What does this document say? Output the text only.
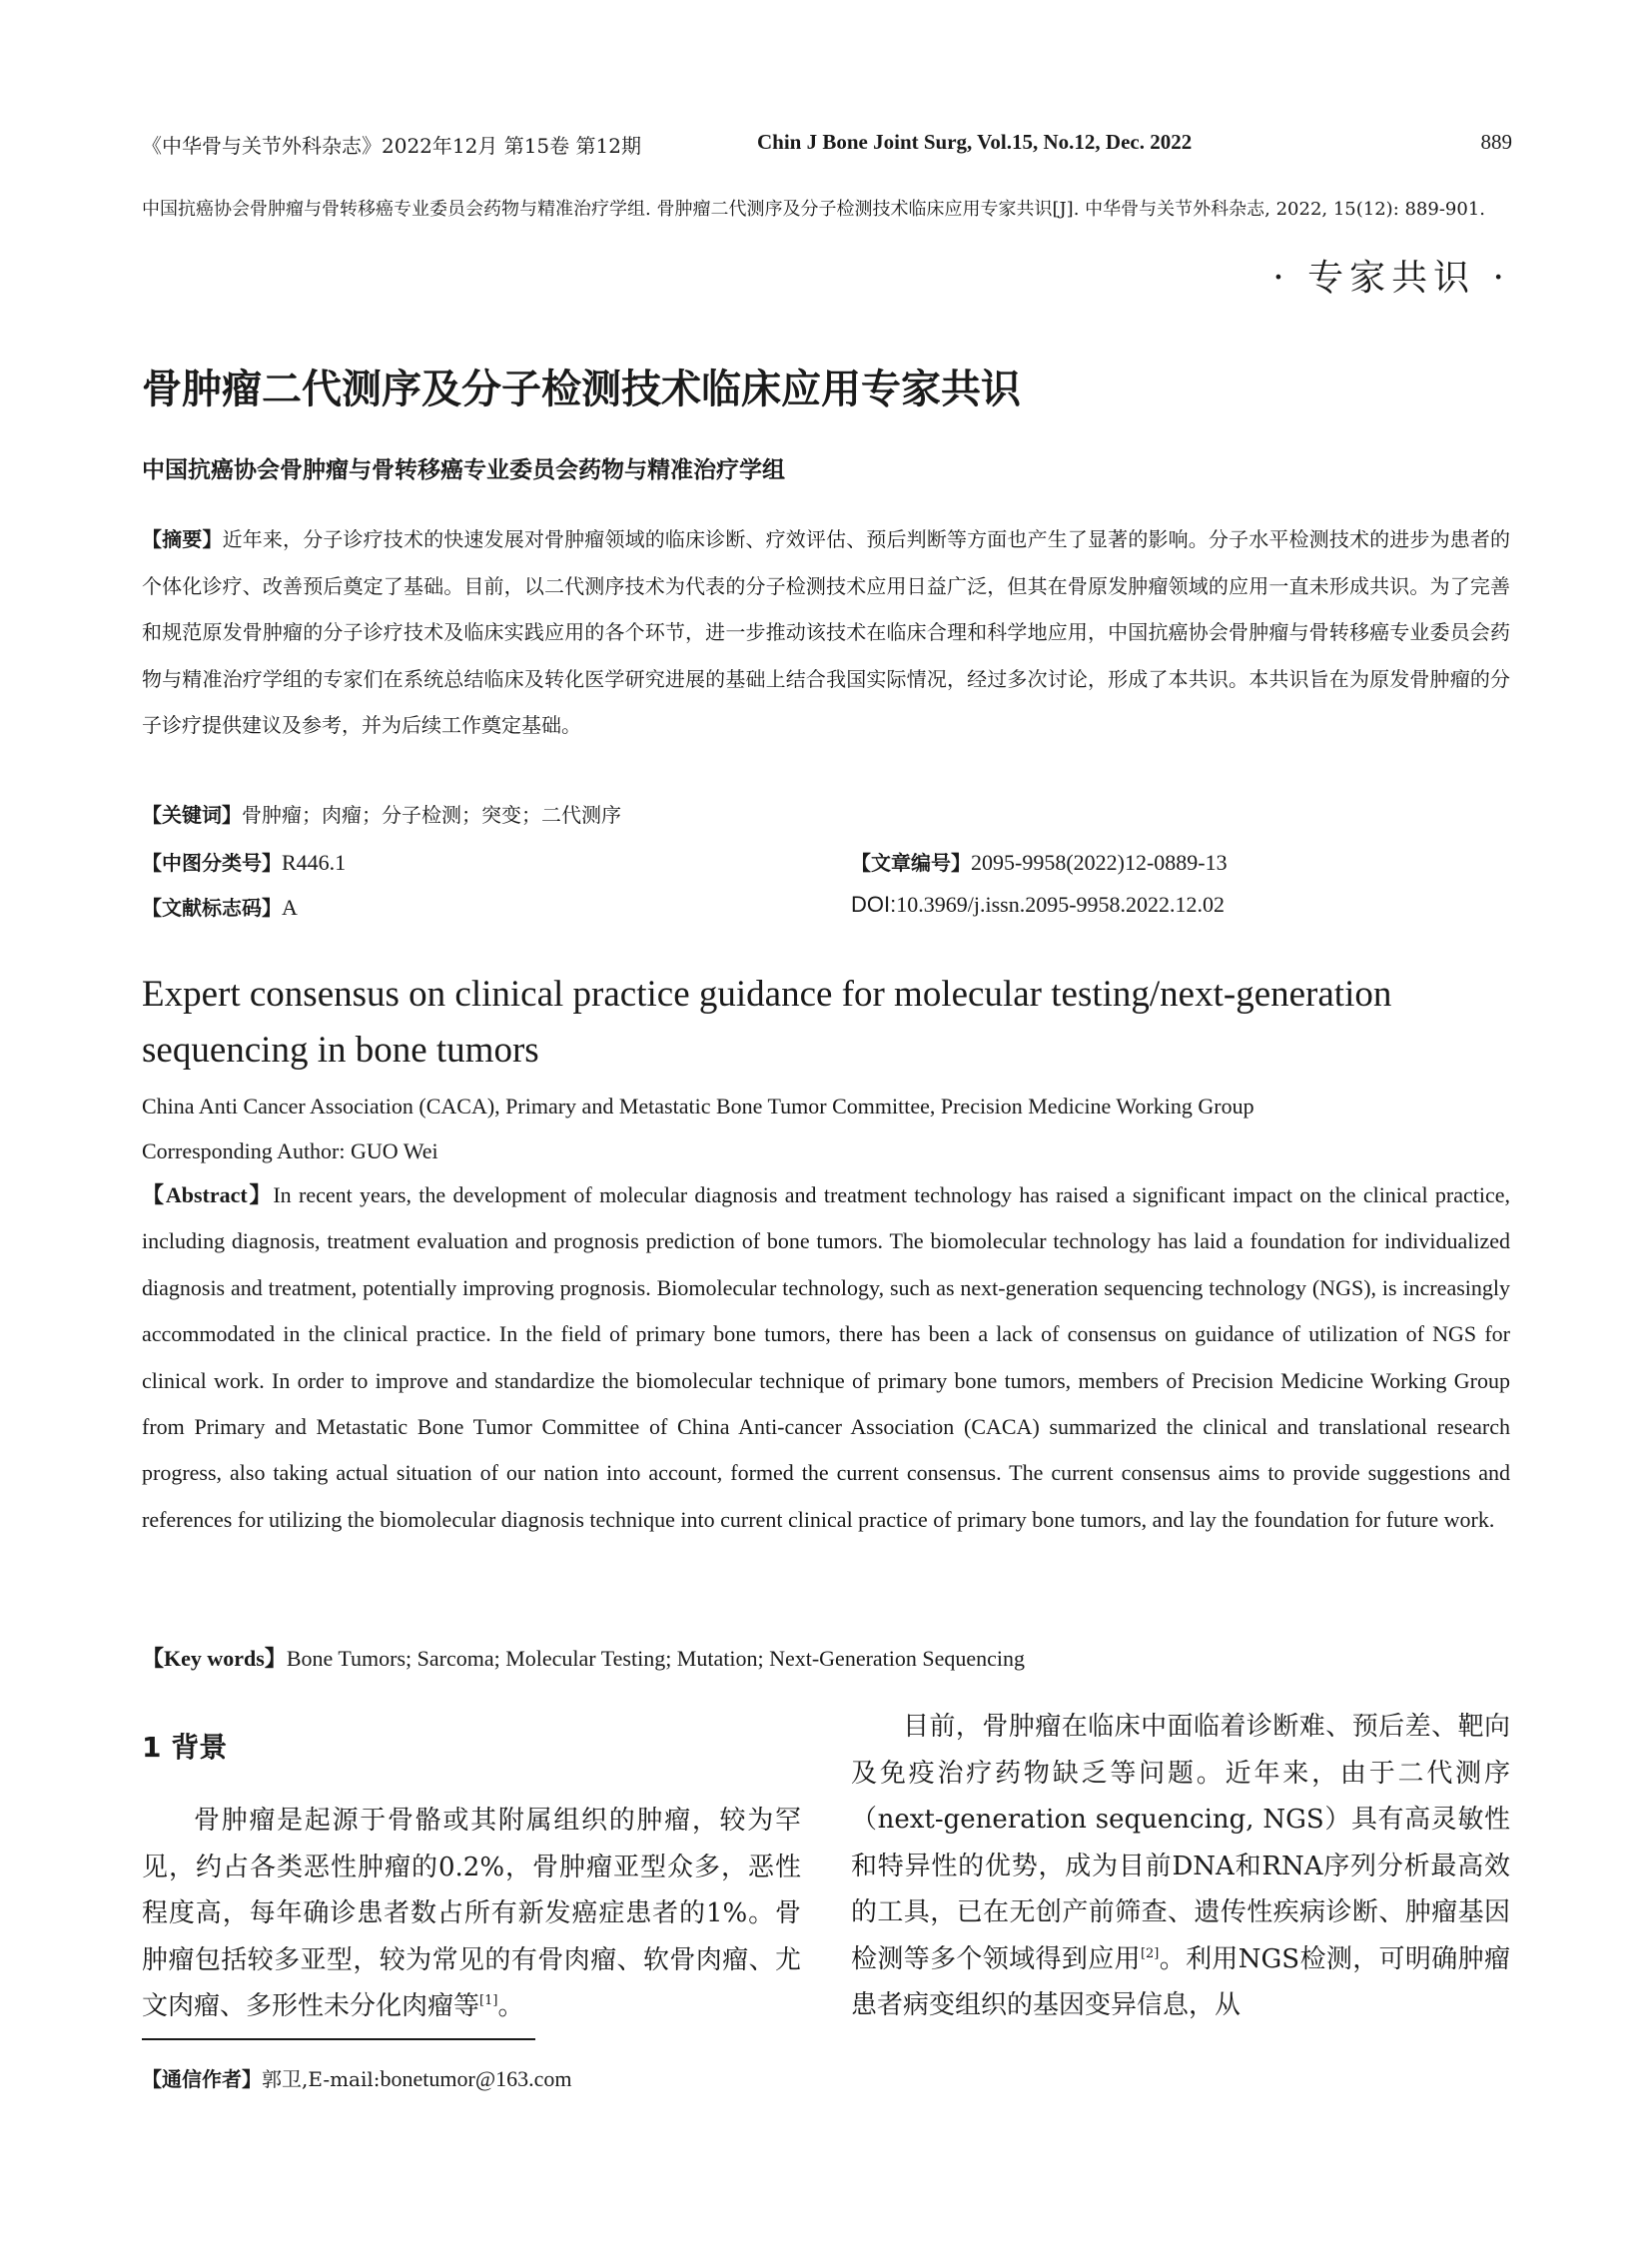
《中华骨与关节外科杂志》2022年12月 第15卷 第12期	Chin J Bone Joint Surg, Vol.15, No.12, Dec. 2022	889
中国抗癌协会骨肿瘤与骨转移癌专业委员会药物与精准治疗学组. 骨肿瘤二代测序及分子检测技术临床应用专家共识[J]. 中华骨与关节外科杂志, 2022, 15(12): 889-901.
· 专家共识 ·
骨肿瘤二代测序及分子检测技术临床应用专家共识
中国抗癌协会骨肿瘤与骨转移癌专业委员会药物与精准治疗学组

【摘要】近年来，分子诊疗技术的快速发展对骨肿瘤领域的临床诊断、疗效评估、预后判断等方面也产生了显著的影响。分子水平检测技术的进步为患者的个体化诊疗、改善预后奠定了基础。目前，以二代测序技术为代表的分子检测技术应用日益广泛，但其在骨原发肿瘤领域的应用一直未形成共识。为了完善和规范原发骨肿瘤的分子诊疗技术及临床实践应用的各个环节，进一步推动该技术在临床合理和科学地应用，中国抗癌协会骨肿瘤与骨转移癌专业委员会药物与精准治疗学组的专家们在系统总结临床及转化医学研究进展的基础上结合我国实际情况，经过多次讨论，形成了本共识。本共识旨在为原发骨肿瘤的分子诊疗提供建议及参考，并为后续工作奠定基础。

【关键词】骨肿瘤；肉瘤；分子检测；突变；二代测序
【中图分类号】R446.1	【文章编号】2095-9958(2022)12-0889-13
【文献标志码】A	DOI:10.3969/j.issn.2095-9958.2022.12.02
Expert consensus on clinical practice guidance for molecular testing/next-generation sequencing in bone tumors
China Anti Cancer Association (CACA), Primary and Metastatic Bone Tumor Committee, Precision Medicine Working Group
Corresponding Author: GUO Wei

【Abstract】In recent years, the development of molecular diagnosis and treatment technology has raised a significant impact on the clinical practice, including diagnosis, treatment evaluation and prognosis prediction of bone tumors. The biomolecular technology has laid a foundation for individualized diagnosis and treatment, potentially improving prognosis. Biomolecular technology, such as next-generation sequencing technology (NGS), is increasingly accommodated in the clinical practice. In the field of primary bone tumors, there has been a lack of consensus on guidance of utilization of NGS for clinical work. In order to improve and standardize the biomolecular technique of primary bone tumors, members of Precision Medicine Working Group from Primary and Metastatic Bone Tumor Committee of China Anti-cancer Association (CACA) summarized the clinical and translational research progress, also taking actual situation of our nation into account, formed the current consensus. The current consensus aims to provide suggestions and references for utilizing the biomolecular diagnosis technique into current clinical practice of primary bone tumors, and lay the foundation for future work.

【Key words】Bone Tumors; Sarcoma; Molecular Testing; Mutation; Next-Generation Sequencing
1 背景

骨肿瘤是起源于骨骼或其附属组织的肿瘤，较为罕见，约占各类恶性肿瘤的0.2%，骨肿瘤亚型众多，恶性程度高，每年确诊患者数占所有新发癌症患者的1%。骨肿瘤包括较多亚型，较为常见的有骨肉瘤、软骨肉瘤、尤文肉瘤、多形性未分化肉瘤等[1]。

目前，骨肿瘤在临床中面临着诊断难、预后差、靶向及免疫治疗药物缺乏等问题。近年来，由于二代测序（next-generation sequencing, NGS）具有高灵敏性和特异性的优势，成为目前DNA和RNA序列分析最高效的工具，已在无创产前筛查、遗传性疾病诊断、肿瘤基因检测等多个领域得到应用[2]。利用NGS检测，可明确肿瘤患者病变组织的基因变异信息，从

【通信作者】郭卫,E-mail:bonetumor@163.com
